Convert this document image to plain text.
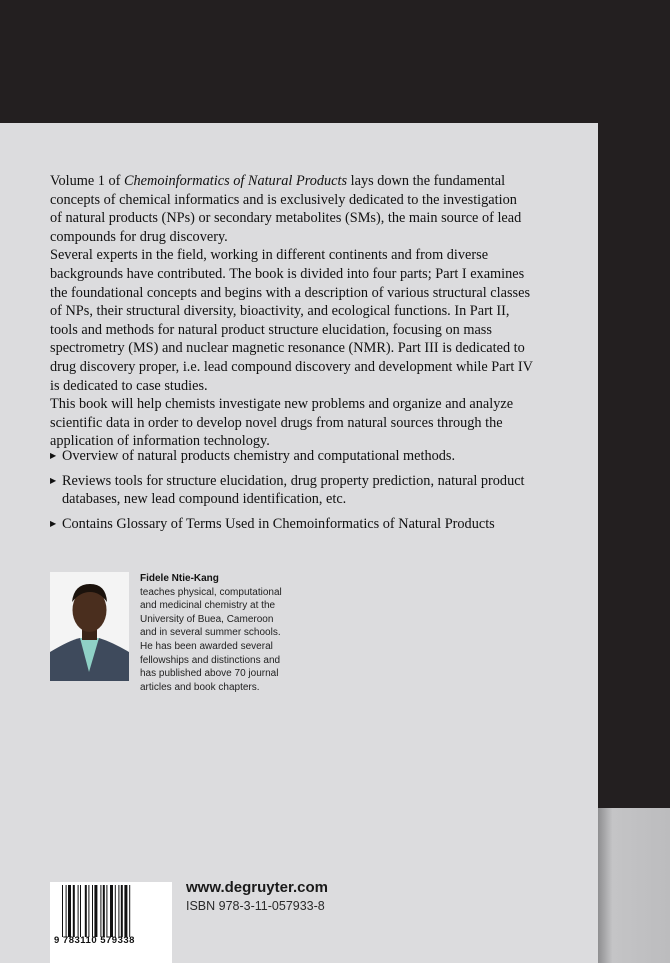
Volume 1 of Chemoinformatics of Natural Products lays down the fundamental
concepts of chemical informatics and is exclusively dedicated to the investigation
of natural products (NPs) or secondary metabolites (SMs), the main source of lead
compounds for drug discovery.

Several experts in the field, working in different continents and from diverse
backgrounds have contributed. The book is divided into four parts; Part I examines
the foundational concepts and begins with a description of various structural classes
of NPs, their structural diversity, bioactivity, and ecological functions. In Part II,
tools and methods for natural product structure elucidation, focusing on mass
spectrometry (MS) and nuclear magnetic resonance (NMR). Part III is dedicated to
drug discovery proper, i.e. lead compound discovery and development while Part IV
is dedicated to case studies.

This book will help chemists investigate new problems and organize and analyze
scientific data in order to develop novel drugs from natural sources through the
application of information technology.

▶ Overview of natural products chemistry and computational methods.
▶ Reviews tools for structure elucidation, drug property prediction, natural product
databases, new lead compound identification, etc.
▶ Contains Glossary of Terms Used in Chemoinformatics of Natural Products
Fidele Ntie-Kang
teaches physical, computational
and medicinal chemistry at the
University of Buea, Cameroon
and in several summer schools.
He has been awarded several
fellowships and distinctions and
has published above 70 journal
articles and book chapters.
9 783110 579338
www.degruyter.com
ISBN 978-3-11-057933-8
